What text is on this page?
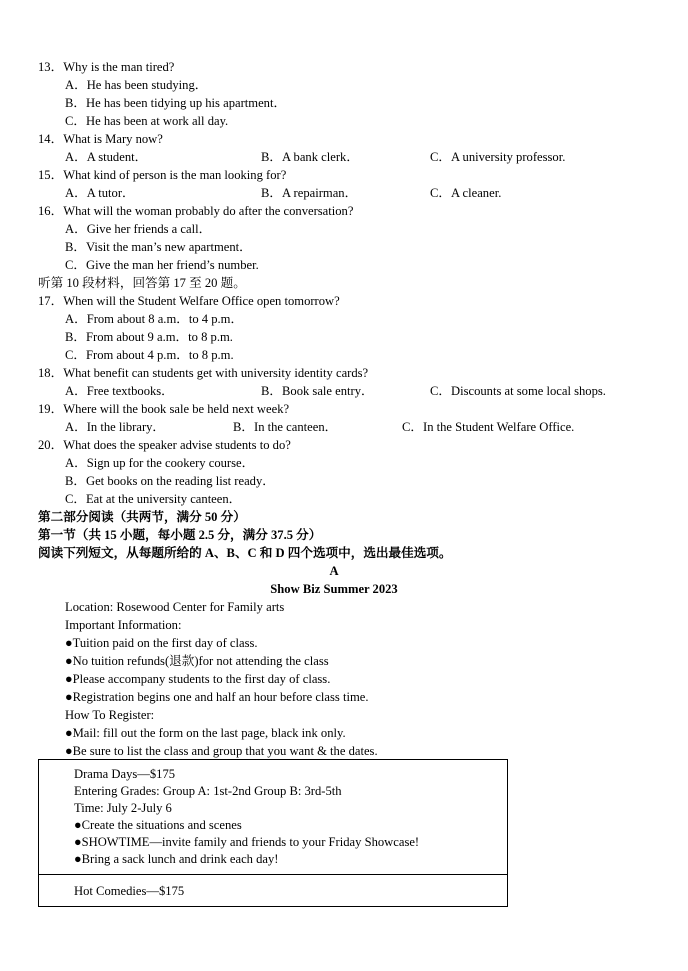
13．Why is the man tired?
A．He has been studying．
B．He has been tidying up his apartment．
C．He has been at work all day.
14．What is Mary now?
A．A student．	B．A bank clerk．	C．A university professor.
15．What kind of person is the man looking for?
A．A tutor．	B．A repairman．	C．A cleaner.
16．What will the woman probably do after the conversation?
A．Give her friends a call．
B．Visit the man’s new apartment．
C．Give the man her friend’s number.
听第 10 段材料，回答第 17 至 20 题。
17．When will the Student Welfare Office open tomorrow?
A．From about 8 a.m．to 4 p.m．
B．From about 9 a.m．to 8 p.m.
C．From about 4 p.m．to 8 p.m.
18．What benefit can students get with university identity cards?
A．Free textbooks．	B．Book sale entry．	C．Discounts at some local shops.
19．Where will the book sale be held next week?
A．In the library．	B．In the canteen．	C．In the Student Welfare Office.
20．What does the speaker advise students to do?
A．Sign up for the cookery course．
B．Get books on the reading list ready．
C．Eat at the university canteen．
第二部分阅读（共两节，满分 50 分）
第一节（共 15 小题，每小题 2.5 分，满分 37.5 分）
阅读下列短文，从每题所给的 A、B、C 和 D 四个选项中，选出最佳选项。
A
Show Biz Summer 2023
Location: Rosewood Center for Family arts
Important Information:
●Tuition paid on the first day of class.
●No tuition refunds(退款)for not attending the class
●Please accompany students to the first day of class.
●Registration begins one and half an hour before class time.
How To Register:
●Mail: fill out the form on the last page, black ink only.
●Be sure to list the class and group that you want & the dates.
Drama Days—$175
Entering Grades: Group A: 1st-2nd Group B: 3rd-5th
Time: July 2-July 6
●Create the situations and scenes
●SHOWTIME—invite family and friends to your Friday Showcase!
●Bring a sack lunch and drink each day!
Hot Comedies—$175
